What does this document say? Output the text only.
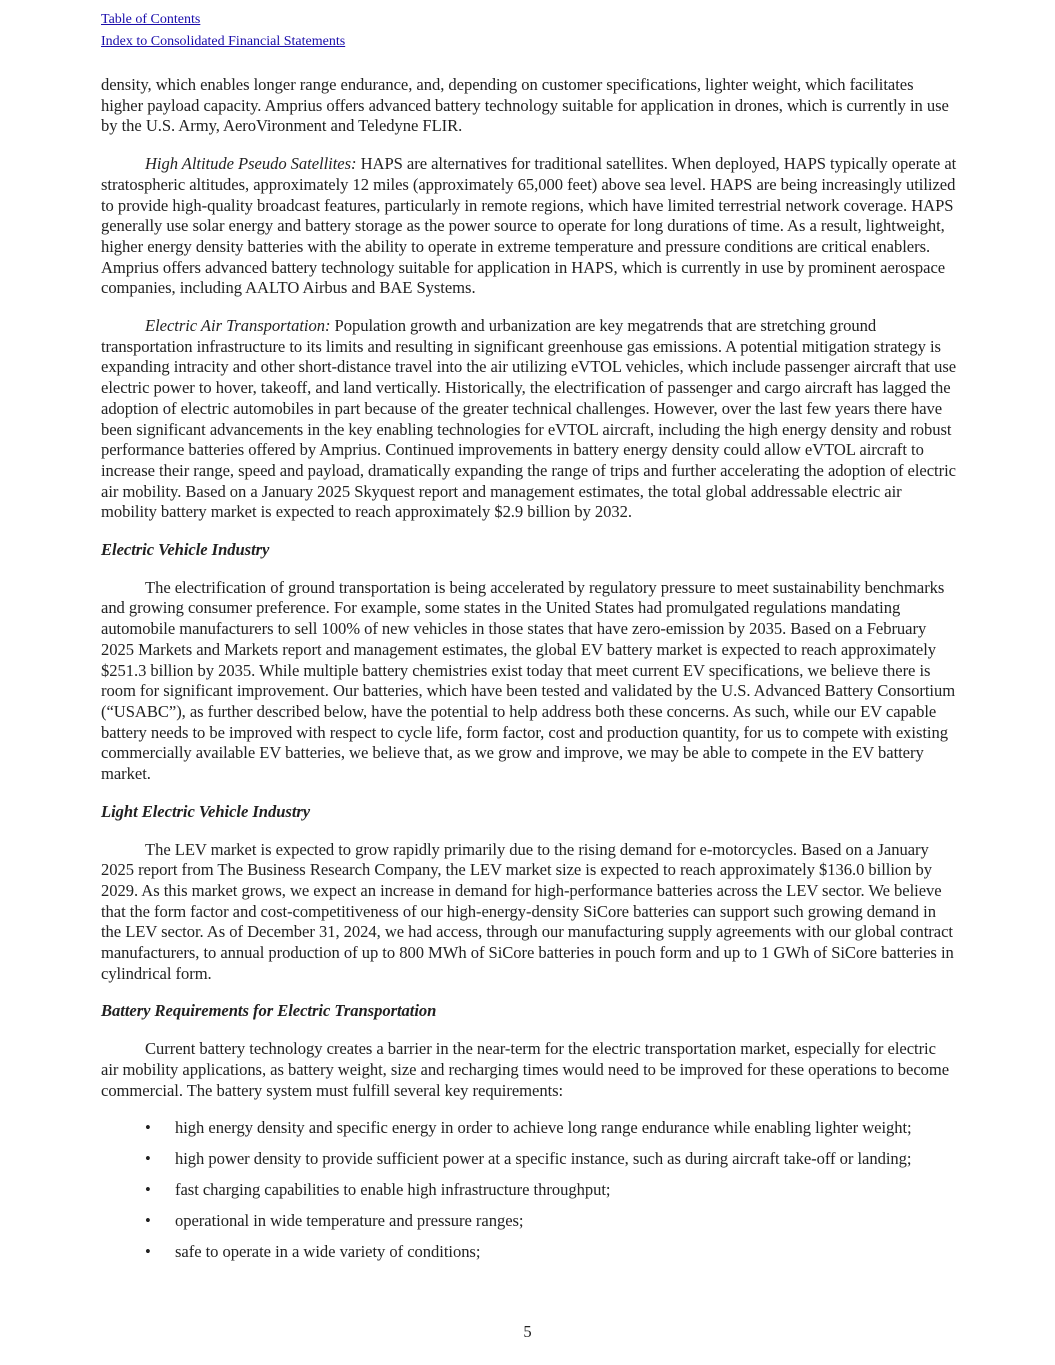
Table of Contents
Index to Consolidated Financial Statements

density, which enables longer range endurance, and, depending on customer specifications, lighter weight, which facilitates higher payload capacity. Amprius offers advanced battery technology suitable for application in drones, which is currently in use by the U.S. Army, AeroVironment and Teledyne FLIR.

High Altitude Pseudo Satellites: HAPS are alternatives for traditional satellites. When deployed, HAPS typically operate at stratospheric altitudes, approximately 12 miles (approximately 65,000 feet) above sea level. HAPS are being increasingly utilized to provide high-quality broadcast features, particularly in remote regions, which have limited terrestrial network coverage. HAPS generally use solar energy and battery storage as the power source to operate for long durations of time. As a result, lightweight, higher energy density batteries with the ability to operate in extreme temperature and pressure conditions are critical enablers. Amprius offers advanced battery technology suitable for application in HAPS, which is currently in use by prominent aerospace companies, including AALTO Airbus and BAE Systems.

Electric Air Transportation: Population growth and urbanization are key megatrends that are stretching ground transportation infrastructure to its limits and resulting in significant greenhouse gas emissions. A potential mitigation strategy is expanding intracity and other short-distance travel into the air utilizing eVTOL vehicles, which include passenger aircraft that use electric power to hover, takeoff, and land vertically. Historically, the electrification of passenger and cargo aircraft has lagged the adoption of electric automobiles in part because of the greater technical challenges. However, over the last few years there have been significant advancements in the key enabling technologies for eVTOL aircraft, including the high energy density and robust performance batteries offered by Amprius. Continued improvements in battery energy density could allow eVTOL aircraft to increase their range, speed and payload, dramatically expanding the range of trips and further accelerating the adoption of electric air mobility. Based on a January 2025 Skyquest report and management estimates, the total global addressable electric air mobility battery market is expected to reach approximately $2.9 billion by 2032.

Electric Vehicle Industry

The electrification of ground transportation is being accelerated by regulatory pressure to meet sustainability benchmarks and growing consumer preference. For example, some states in the United States had promulgated regulations mandating automobile manufacturers to sell 100% of new vehicles in those states that have zero-emission by 2035. Based on a February 2025 Markets and Markets report and management estimates, the global EV battery market is expected to reach approximately $251.3 billion by 2035. While multiple battery chemistries exist today that meet current EV specifications, we believe there is room for significant improvement. Our batteries, which have been tested and validated by the U.S. Advanced Battery Consortium (“USABC”), as further described below, have the potential to help address both these concerns. As such, while our EV capable battery needs to be improved with respect to cycle life, form factor, cost and production quantity, for us to compete with existing commercially available EV batteries, we believe that, as we grow and improve, we may be able to compete in the EV battery market.

Light Electric Vehicle Industry

The LEV market is expected to grow rapidly primarily due to the rising demand for e-motorcycles. Based on a January 2025 report from The Business Research Company, the LEV market size is expected to reach approximately $136.0 billion by 2029. As this market grows, we expect an increase in demand for high-performance batteries across the LEV sector. We believe that the form factor and cost-competitiveness of our high-energy-density SiCore batteries can support such growing demand in the LEV sector. As of December 31, 2024, we had access, through our manufacturing supply agreements with our global contract manufacturers, to annual production of up to 800 MWh of SiCore batteries in pouch form and up to 1 GWh of SiCore batteries in cylindrical form.

Battery Requirements for Electric Transportation

Current battery technology creates a barrier in the near-term for the electric transportation market, especially for electric air mobility applications, as battery weight, size and recharging times would need to be improved for these operations to become commercial. The battery system must fulfill several key requirements:

• high energy density and specific energy in order to achieve long range endurance while enabling lighter weight;
• high power density to provide sufficient power at a specific instance, such as during aircraft take-off or landing;
• fast charging capabilities to enable high infrastructure throughput;
• operational in wide temperature and pressure ranges;
• safe to operate in a wide variety of conditions;
5
